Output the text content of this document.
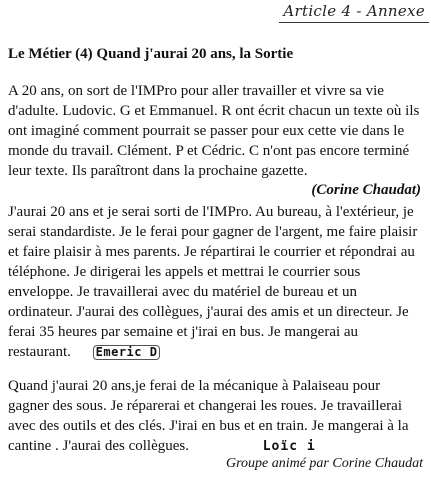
Article 4 - Annexe
Le Métier (4) Quand j'aurai 20 ans, la Sortie

A 20 ans, on sort de l'IMPro pour aller travailler et vivre sa vie d'adulte. Ludovic. G et Emmanuel. R ont écrit chacun un texte où ils ont imaginé comment pourrait se passer pour eux cette vie dans le monde du travail. Clément. P et Cédric. C n'ont pas encore terminé leur texte. Ils paraîtront dans la prochaine gazette.

(Corine Chaudat)

J'aurai 20 ans et je serai sorti de l'IMPro. Au bureau, à l'extérieur, je serai standardiste. Je le ferai pour gagner de l'argent, me faire plaisir et faire plaisir à mes parents. Je répartirai le courrier et répondrai au téléphone. Je dirigerai les appels et mettrai le courrier sous enveloppe. Je travaillerai avec du matériel de bureau et un ordinateur. J'aurai des collègues, j'aurai des amis et un directeur. Je ferai 35 heures par semaine et j'irai en bus. Je mangerai au restaurant. Emeric D

Quand j'aurai 20 ans,je ferai de la mécanique à Palaiseau pour gagner des sous. Je réparerai et changerai les roues. Je travaillerai avec des outils et des clés. J'irai en bus et en train. Je mangerai à la cantine . J'aurai des collègues.	Loïc i

Groupe animé par Corine Chaudat
